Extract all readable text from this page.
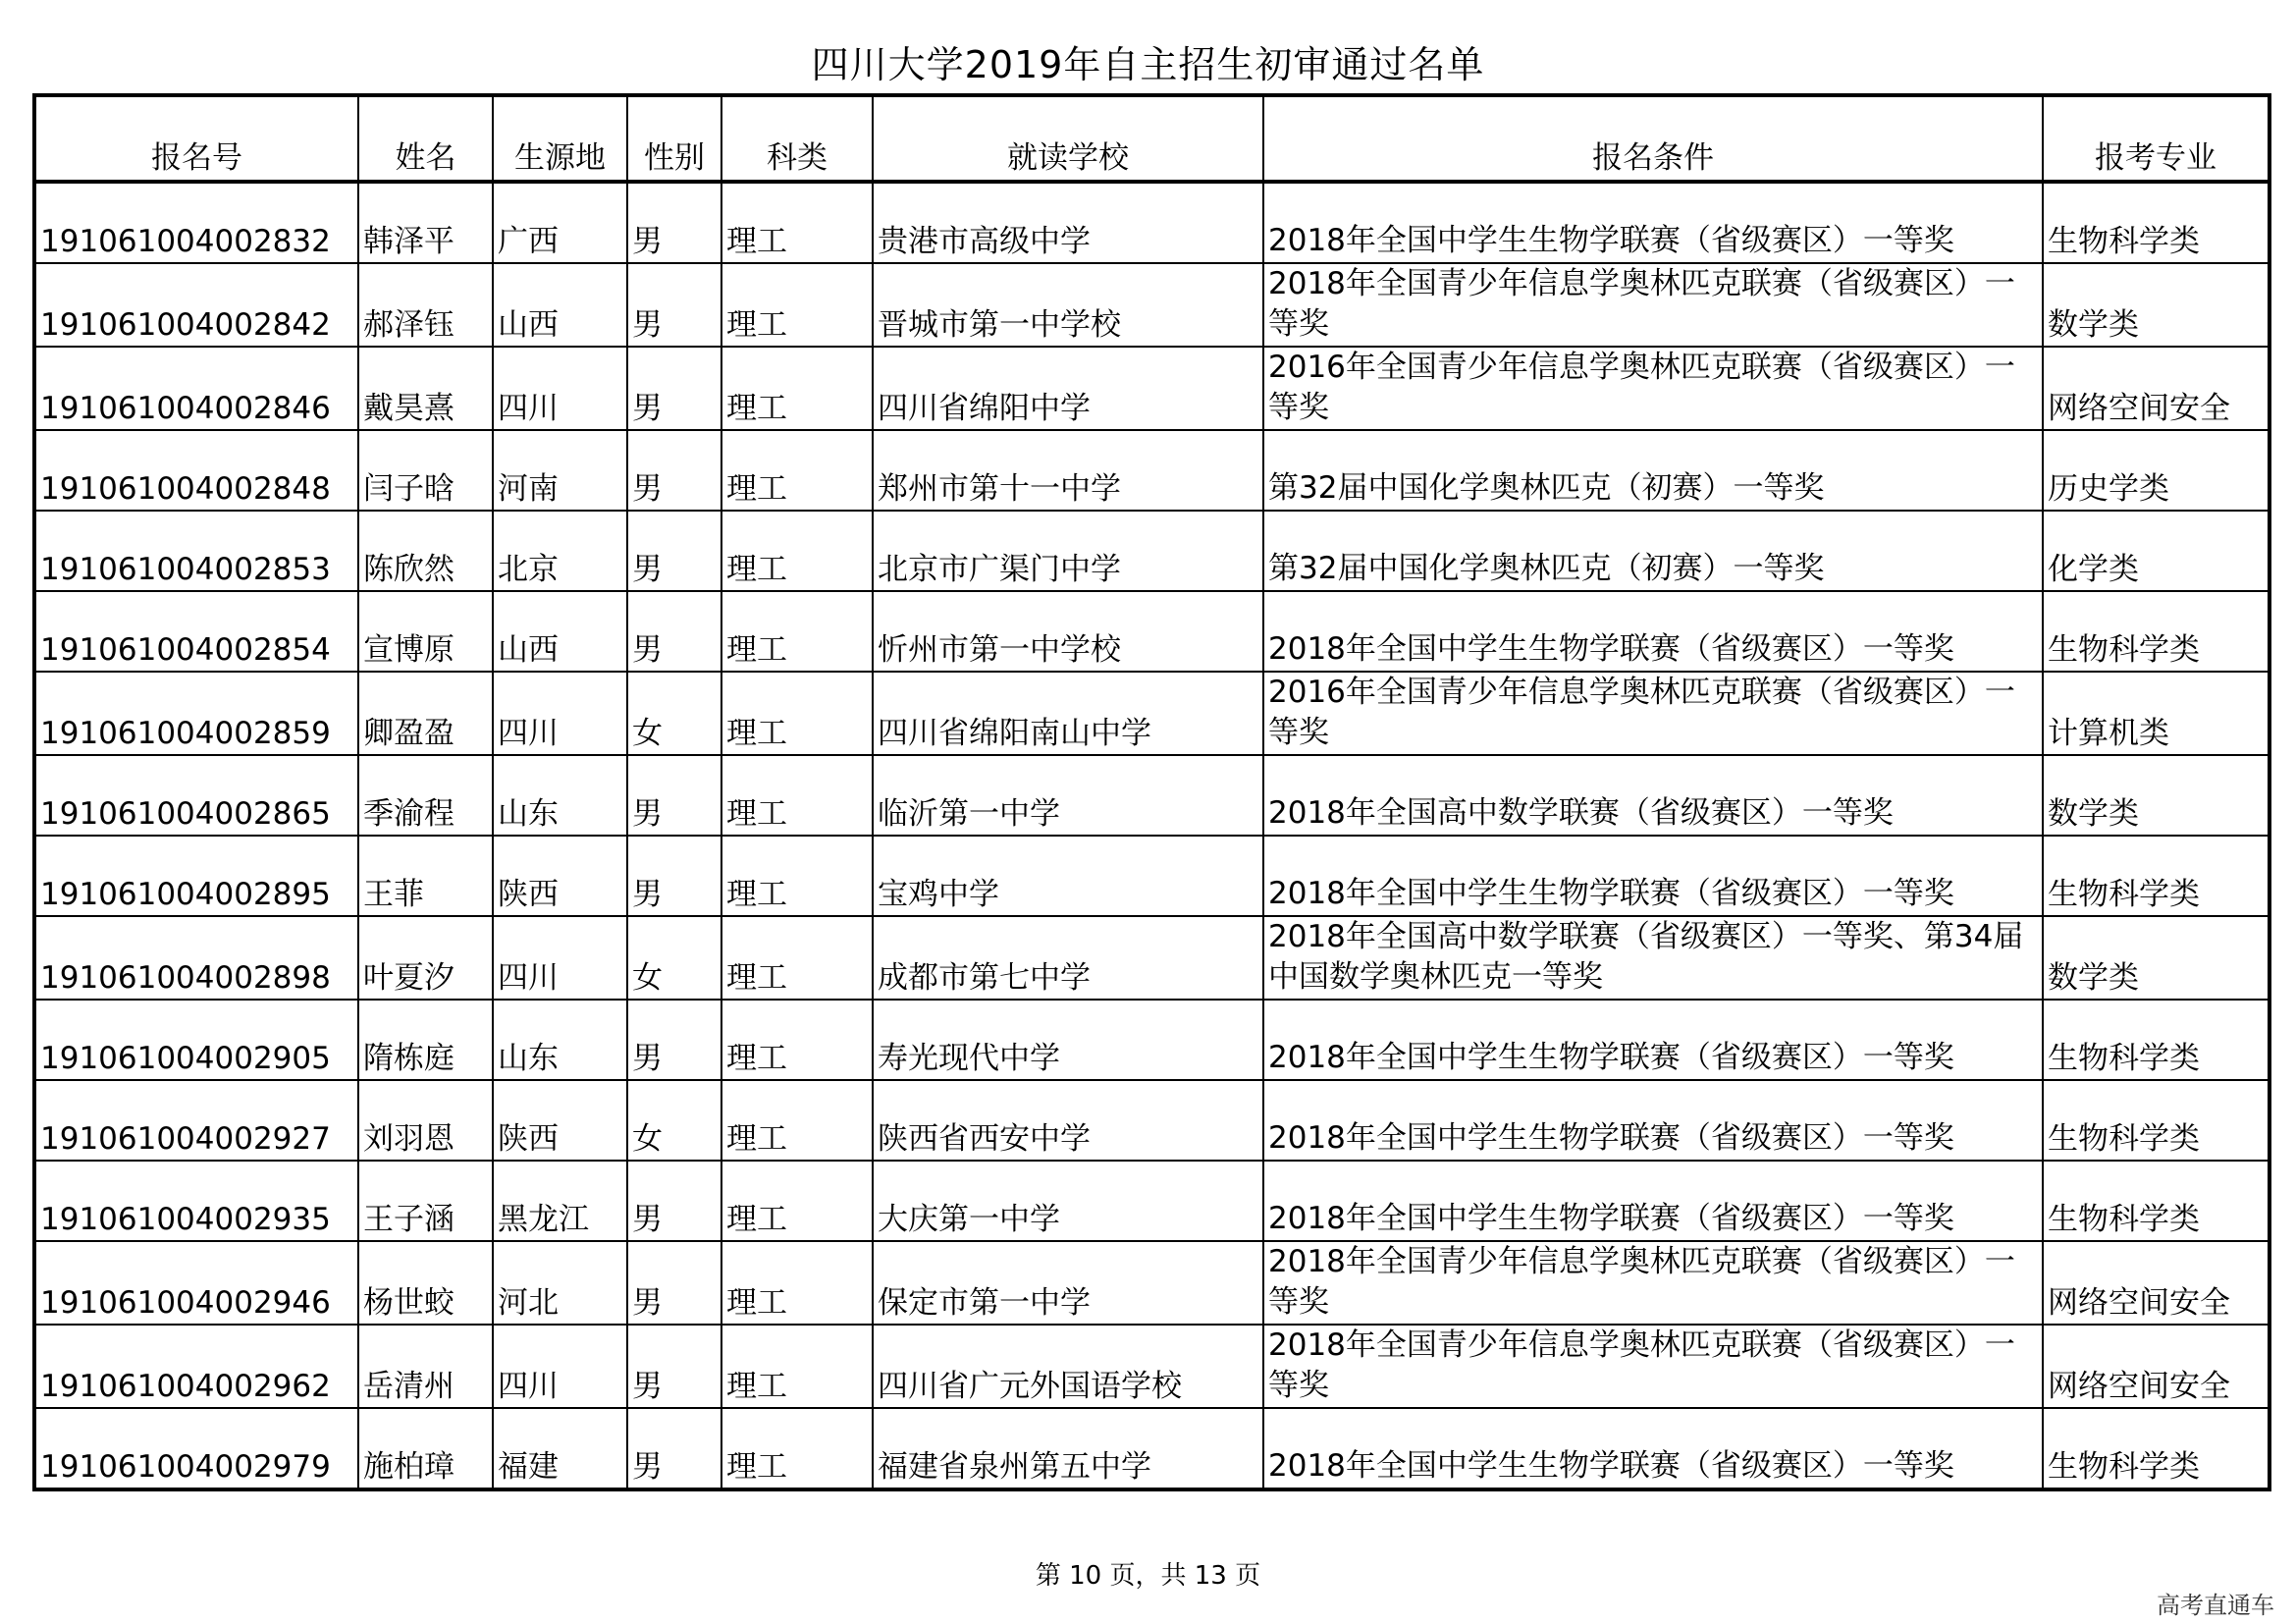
四川大学2019年自主招生初审通过名单
报名号	姓名	生源地	性别	科类	就读学校	报名条件	报考专业
191061004002832	韩泽平	广西	男	理工	贵港市高级中学	2018年全国中学生生物学联赛（省级赛区）一等奖	生物科学类
191061004002842	郝泽钰	山西	男	理工	晋城市第一中学校	2018年全国青少年信息学奥林匹克联赛（省级赛区）一等奖	数学类
191061004002846	戴昊熹	四川	男	理工	四川省绵阳中学	2016年全国青少年信息学奥林匹克联赛（省级赛区）一等奖	网络空间安全
191061004002848	闫子晗	河南	男	理工	郑州市第十一中学	第32届中国化学奥林匹克（初赛）一等奖	历史学类
191061004002853	陈欣然	北京	男	理工	北京市广渠门中学	第32届中国化学奥林匹克（初赛）一等奖	化学类
191061004002854	宣博原	山西	男	理工	忻州市第一中学校	2018年全国中学生生物学联赛（省级赛区）一等奖	生物科学类
191061004002859	卿盈盈	四川	女	理工	四川省绵阳南山中学	2016年全国青少年信息学奥林匹克联赛（省级赛区）一等奖	计算机类
191061004002865	季渝程	山东	男	理工	临沂第一中学	2018年全国高中数学联赛（省级赛区）一等奖	数学类
191061004002895	王菲	陕西	男	理工	宝鸡中学	2018年全国中学生生物学联赛（省级赛区）一等奖	生物科学类
191061004002898	叶夏汐	四川	女	理工	成都市第七中学	2018年全国高中数学联赛（省级赛区）一等奖、第34届中国数学奥林匹克一等奖	数学类
191061004002905	隋栋庭	山东	男	理工	寿光现代中学	2018年全国中学生生物学联赛（省级赛区）一等奖	生物科学类
191061004002927	刘羽恩	陕西	女	理工	陕西省西安中学	2018年全国中学生生物学联赛（省级赛区）一等奖	生物科学类
191061004002935	王子涵	黑龙江	男	理工	大庆第一中学	2018年全国中学生生物学联赛（省级赛区）一等奖	生物科学类
191061004002946	杨世蛟	河北	男	理工	保定市第一中学	2018年全国青少年信息学奥林匹克联赛（省级赛区）一等奖	网络空间安全
191061004002962	岳清州	四川	男	理工	四川省广元外国语学校	2018年全国青少年信息学奥林匹克联赛（省级赛区）一等奖	网络空间安全
191061004002979	施柏璋	福建	男	理工	福建省泉州第五中学	2018年全国中学生生物学联赛（省级赛区）一等奖	生物科学类
第 10 页，共 13 页
高考直通车
